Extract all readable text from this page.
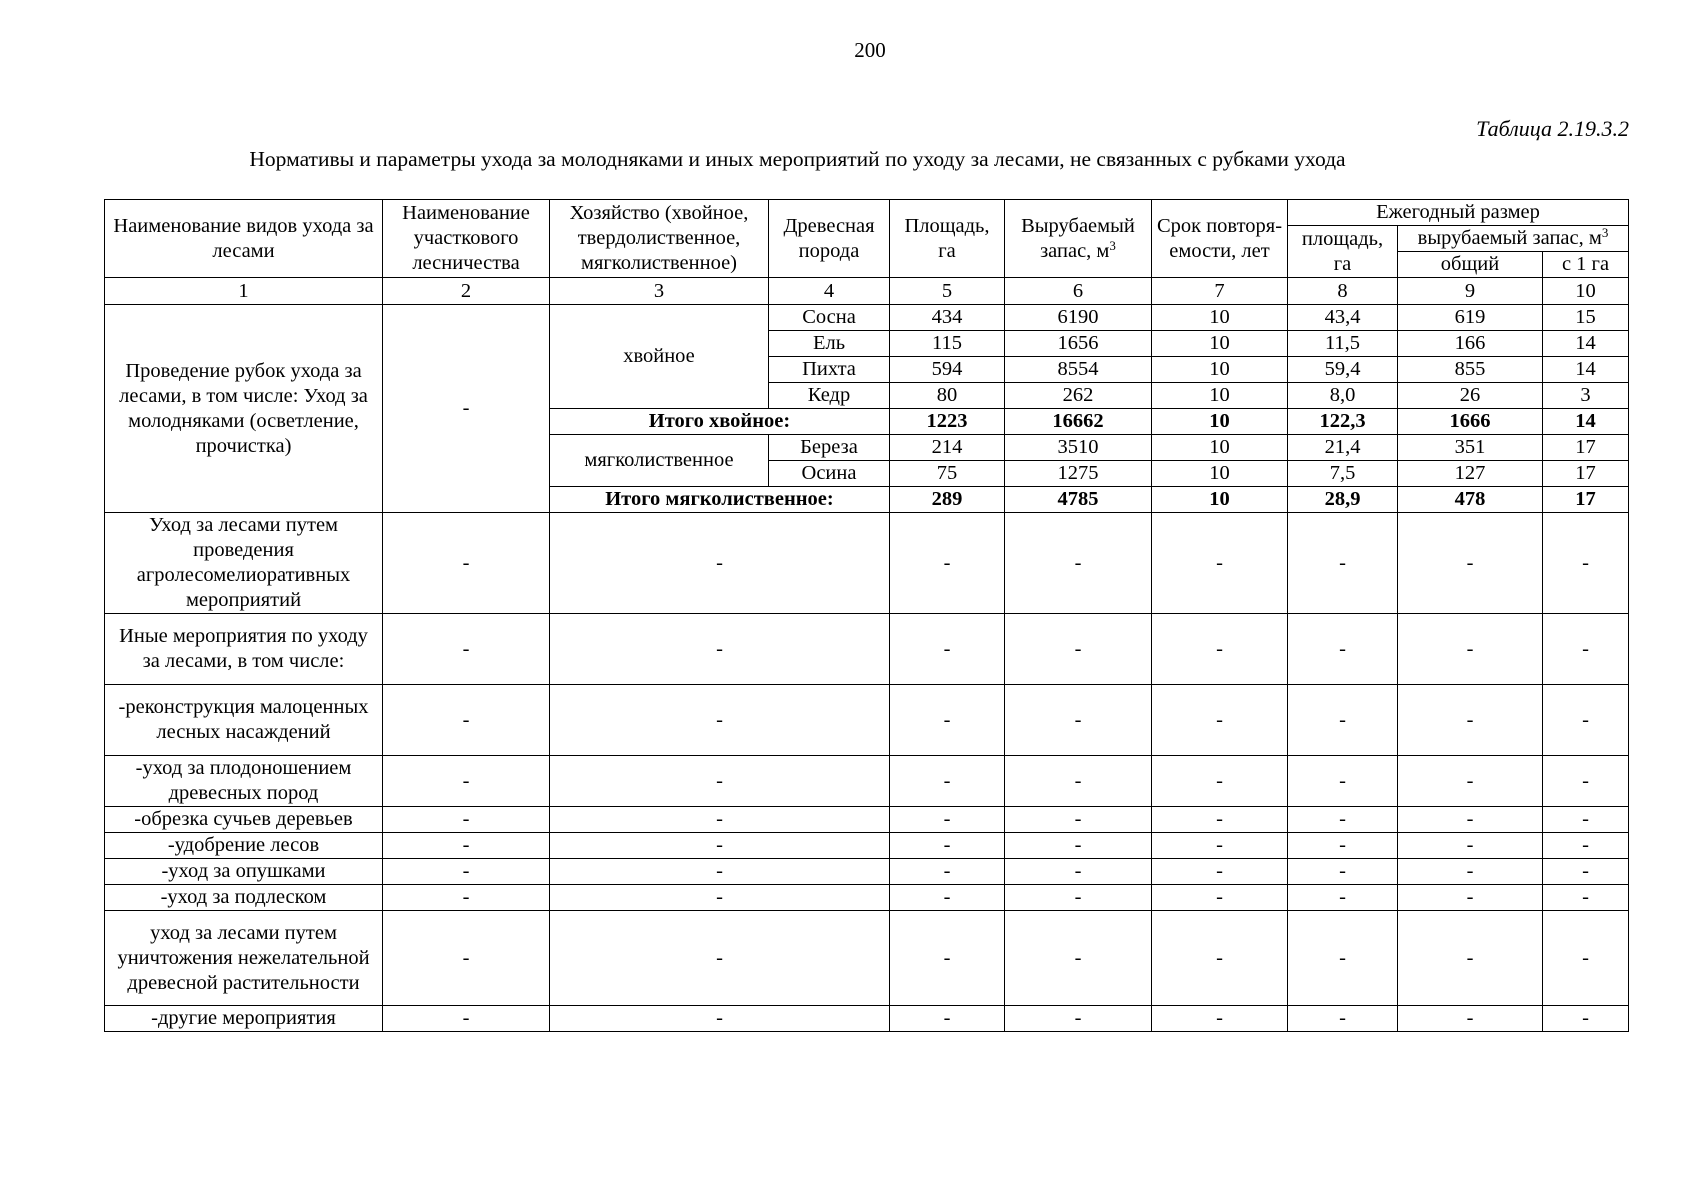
200
Таблица 2.19.3.2
Нормативы и параметры ухода за молодняками и иных мероприятий по уходу за лесами, не связанных с рубками ухода
Наименование видов ухода за лесами	Наименование участкового лесничества	Хозяйство (хвойное, твердолиственное, мягколиственное)	Древесная порода	Площадь, га	Вырубаемый запас, $м^3$	Срок повторя-емости, лет	Ежегодный размер		
							площадь, га	вырубаемый запас, $м^3$
								общий	с 1 га
1	2	3	4	5	6	7	8	9	10
Проведение рубок ухода за лесами, в том числе: Уход за молодняками (осветление, прочистка)	-	хвойное	Сосна	434	6190	10	43,4	619	15
			Ель	115	1656	10	11,5	166	14
			Пихта	594	8554	10	59,4	855	14
			Кедр	80	262	10	8,0	26	3
		Итого хвойное:		1223	16662	10	122,3	1666	14
		мягколиственное	Береза	214	3510	10	21,4	351	17
			Осина	75	1275	10	7,5	127	17
		Итого мягколиственное:		289	4785	10	28,9	478	17
Уход за лесами путем проведения агролесомелиоративных мероприятий	-	-		-	-	-	-	-	-
Иные мероприятия по уходу за лесами, в том числе:	-	-		-	-	-	-	-	-
-реконструкция малоценных лесных насаждений	-	-		-	-	-	-	-	-
-уход за плодоношением древесных пород	-	-		-	-	-	-	-	-
-обрезка сучьев деревьев	-	-		-	-	-	-	-	-
-удобрение лесов	-	-		-	-	-	-	-	-
-уход за опушками	-	-		-	-	-	-	-	-
-уход за подлеском	-	-		-	-	-	-	-	-
уход за лесами путем уничтожения нежелательной древесной растительности	-	-		-	-	-	-	-	-
-другие мероприятия	-	-		-	-	-	-	-	-
